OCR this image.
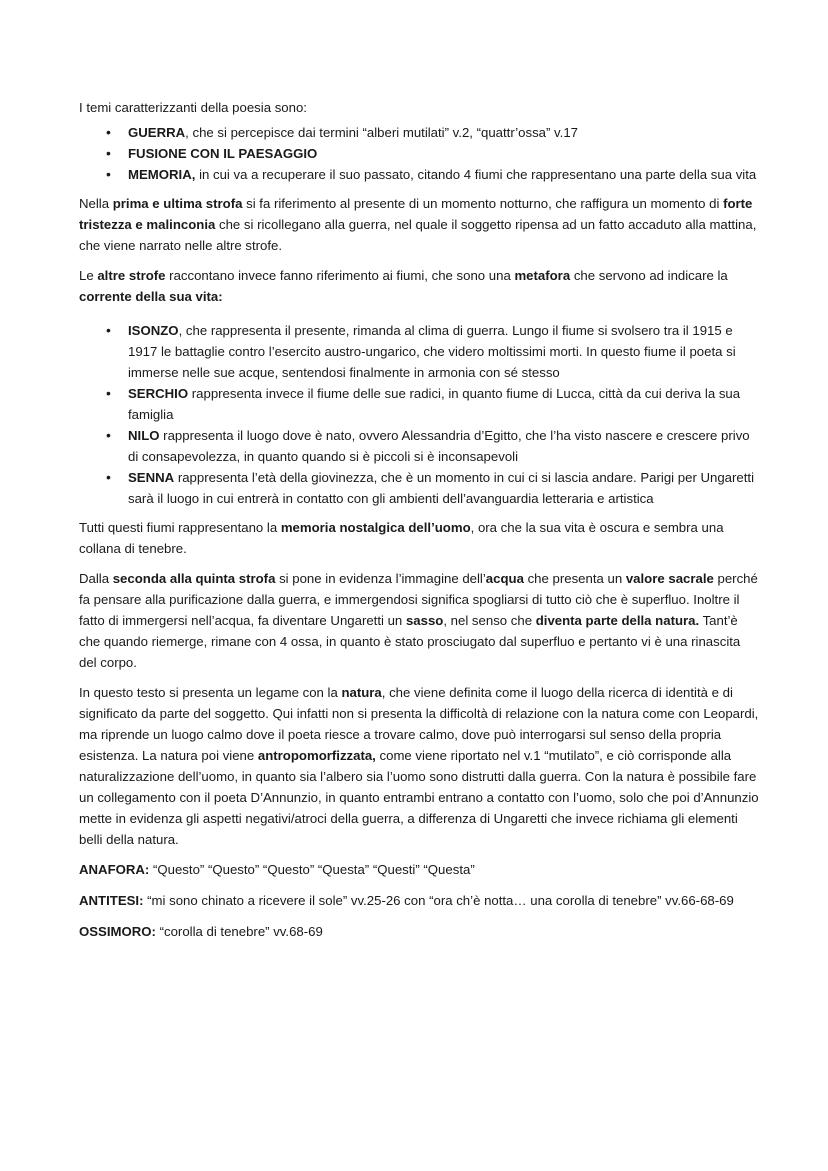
I temi caratterizzanti della poesia sono:

• GUERRA, che si percepisce dai termini “alberi mutilati” v.2, “quattr’ossa” v.17
• FUSIONE CON IL PAESAGGIO
• MEMORIA, in cui va a recuperare il suo passato, citando 4 fiumi che rappresentano una parte della sua vita

Nella prima e ultima strofa si fa riferimento al presente di un momento notturno, che raffigura un momento di forte tristezza e malinconia che si ricollegano alla guerra, nel quale il soggetto ripensa ad un fatto accaduto alla mattina, che viene narrato nelle altre strofe.

Le altre strofe raccontano invece fanno riferimento ai fiumi, che sono una metafora che servono ad indicare la corrente della sua vita:

• ISONZO, che rappresenta il presente, rimanda al clima di guerra. Lungo il fiume si svolsero tra il 1915 e 1917 le battaglie contro l’esercito austro-ungarico, che videro moltissimi morti. In questo fiume il poeta si immerse nelle sue acque, sentendosi finalmente in armonia con sé stesso
• SERCHIO rappresenta invece il fiume delle sue radici, in quanto fiume di Lucca, città da cui deriva la sua famiglia
• NILO rappresenta il luogo dove è nato, ovvero Alessandria d’Egitto, che l’ha visto nascere e crescere privo di consapevolezza, in quanto quando si è piccoli si è inconsapevoli
• SENNA rappresenta l’età della giovinezza, che è un momento in cui ci si lascia andare. Parigi per Ungaretti sarà il luogo in cui entrerà in contatto con gli ambienti dell’avanguardia letteraria e artistica

Tutti questi fiumi rappresentano la memoria nostalgica dell’uomo, ora che la sua vita è oscura e sembra una collana di tenebre.

Dalla seconda alla quinta strofa si pone in evidenza l’immagine dell’acqua che presenta un valore sacrale perché fa pensare alla purificazione dalla guerra, e immergendosi significa spogliarsi di tutto ciò che è superfluo. Inoltre il fatto di immergersi nell’acqua, fa diventare Ungaretti un sasso, nel senso che diventa parte della natura. Tant’è che quando riemerge, rimane con 4 ossa, in quanto è stato prosciugato dal superfluo e pertanto vi è una rinascita del corpo.

In questo testo si presenta un legame con la natura, che viene definita come il luogo della ricerca di identità e di significato da parte del soggetto. Qui infatti non si presenta la difficoltà di relazione con la natura come con Leopardi, ma riprende un luogo calmo dove il poeta riesce a trovare calmo, dove può interrogarsi sul senso della propria esistenza. La natura poi viene antropomorfizzata, come viene riportato nel v.1 “mutilato”, e ciò corrisponde alla naturalizzazione dell’uomo, in quanto sia l’albero sia l’uomo sono distrutti dalla guerra. Con la natura è possibile fare un collegamento con il poeta D’Annunzio, in quanto entrambi entrano a contatto con l’uomo, solo che poi d’Annunzio mette in evidenza gli aspetti negativi/atroci della guerra, a differenza di Ungaretti che invece richiama gli elementi belli della natura.

ANAFORA: “Questo” “Questo” “Questo” “Questa” “Questi” “Questa”

ANTITESI: “mi sono chinato a ricevere il sole” vv.25-26 con “ora ch’è notta… una corolla di tenebre” vv.66-68-69

OSSIMORO: “corolla di tenebre” vv.68-69
